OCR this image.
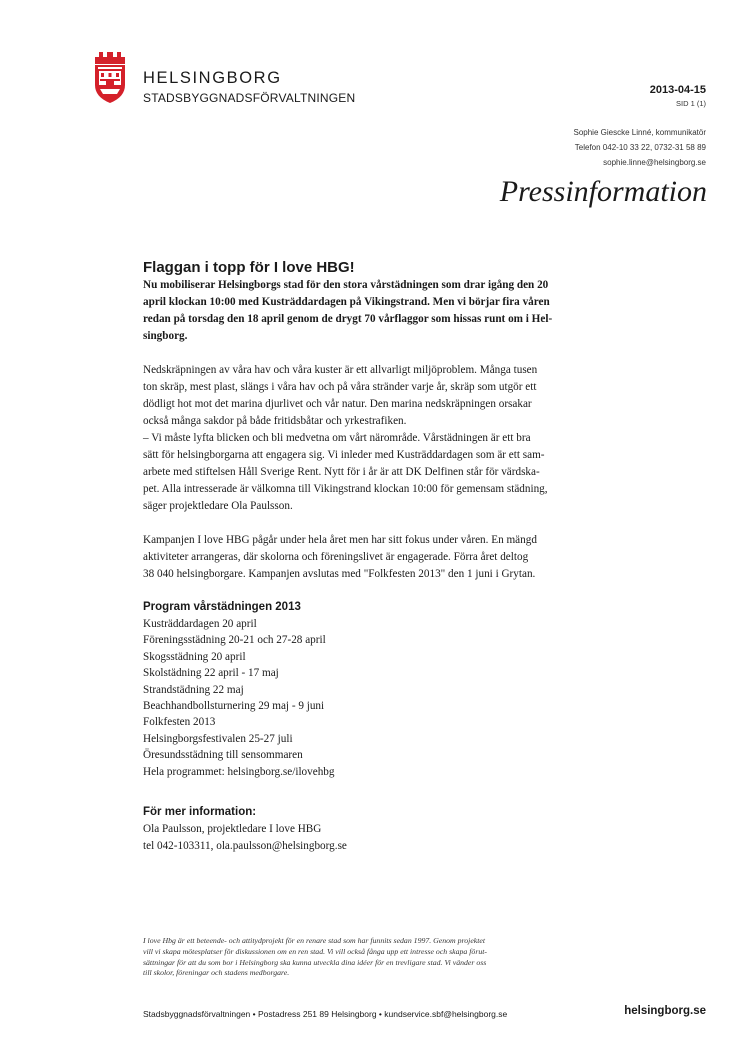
HELSINGBORG
STADSBYGGNADSFÖRVALTNINGEN
2013-04-15
SID 1 (1)
Sophie Giescke Linné, kommunikatör
Telefon 042-10 33 22, 0732-31 58 89
sophie.linne@helsingborg.se
Pressinformation
Flaggan i topp för I love HBG!

Nu mobiliserar Helsingborgs stad för den stora vårstädningen som drar igång den 20
april klockan 10:00 med Kusträddardagen på Vikingstrand. Men vi börjar fira våren
redan på torsdag den 18 april genom de drygt 70 vårflaggor som hissas runt om i Hel-
singborg.

Nedskräpningen av våra hav och våra kuster är ett allvarligt miljöproblem. Många tusen
ton skräp, mest plast, slängs i våra hav och på våra stränder varje år, skräp som utgör ett
dödligt hot mot det marina djurlivet och vår natur. Den marina nedskräpningen orsakar
också många sakdor på både fritidsbåtar och yrkestrafiken.
– Vi måste lyfta blicken och bli medvetna om vårt närområde. Vårstädningen är ett bra
sätt för helsingborgarna att engagera sig. Vi inleder med Kusträddardagen som är ett sam-
arbete med stiftelsen Håll Sverige Rent. Nytt för i år är att DK Delfinen står för värdska-
pet. Alla intresserade är välkomna till Vikingstrand klockan 10:00 för gemensam städning,
säger projektledare Ola Paulsson.

Kampanjen I love HBG pågår under hela året men har sitt fokus under våren. En mängd
aktiviteter arrangeras, där skolorna och föreningslivet är engagerade. Förra året deltog
38 040 helsingborgare. Kampanjen avslutas med "Folkfesten 2013" den 1 juni i Grytan.

Program vårstädningen 2013
Kusträddardagen 20 april
Föreningsstädning 20-21 och 27-28 april
Skogsstädning 20 april
Skolstädning 22 april - 17 maj
Strandstädning 22 maj
Beachhandbollsturnering 29 maj - 9 juni
Folkfesten 2013
Helsingborgsfestivalen 25-27 juli
Öresundsstädning till sensommaren
Hela programmet: helsingborg.se/ilovehbg
För mer information:
Ola Paulsson, projektledare I love HBG
tel 042-103311, ola.paulsson@helsingborg.se
I love Hbg är ett beteende- och attitydprojekt för en renare stad som har funnits sedan 1997. Genom projektet
vill vi skapa mötesplatser för diskussionen om en ren stad. Vi vill också fånga upp ett intresse och skapa förut-
sättningar för att du som bor i Helsingborg ska kunna utveckla dina idéer för en trevligare stad. Vi vänder oss
till skolor, föreningar och stadens medborgare.
Stadsbyggnadsförvaltningen • Postadress 251 89 Helsingborg • kundservice.sbf@helsingborg.se	helsingborg.se
